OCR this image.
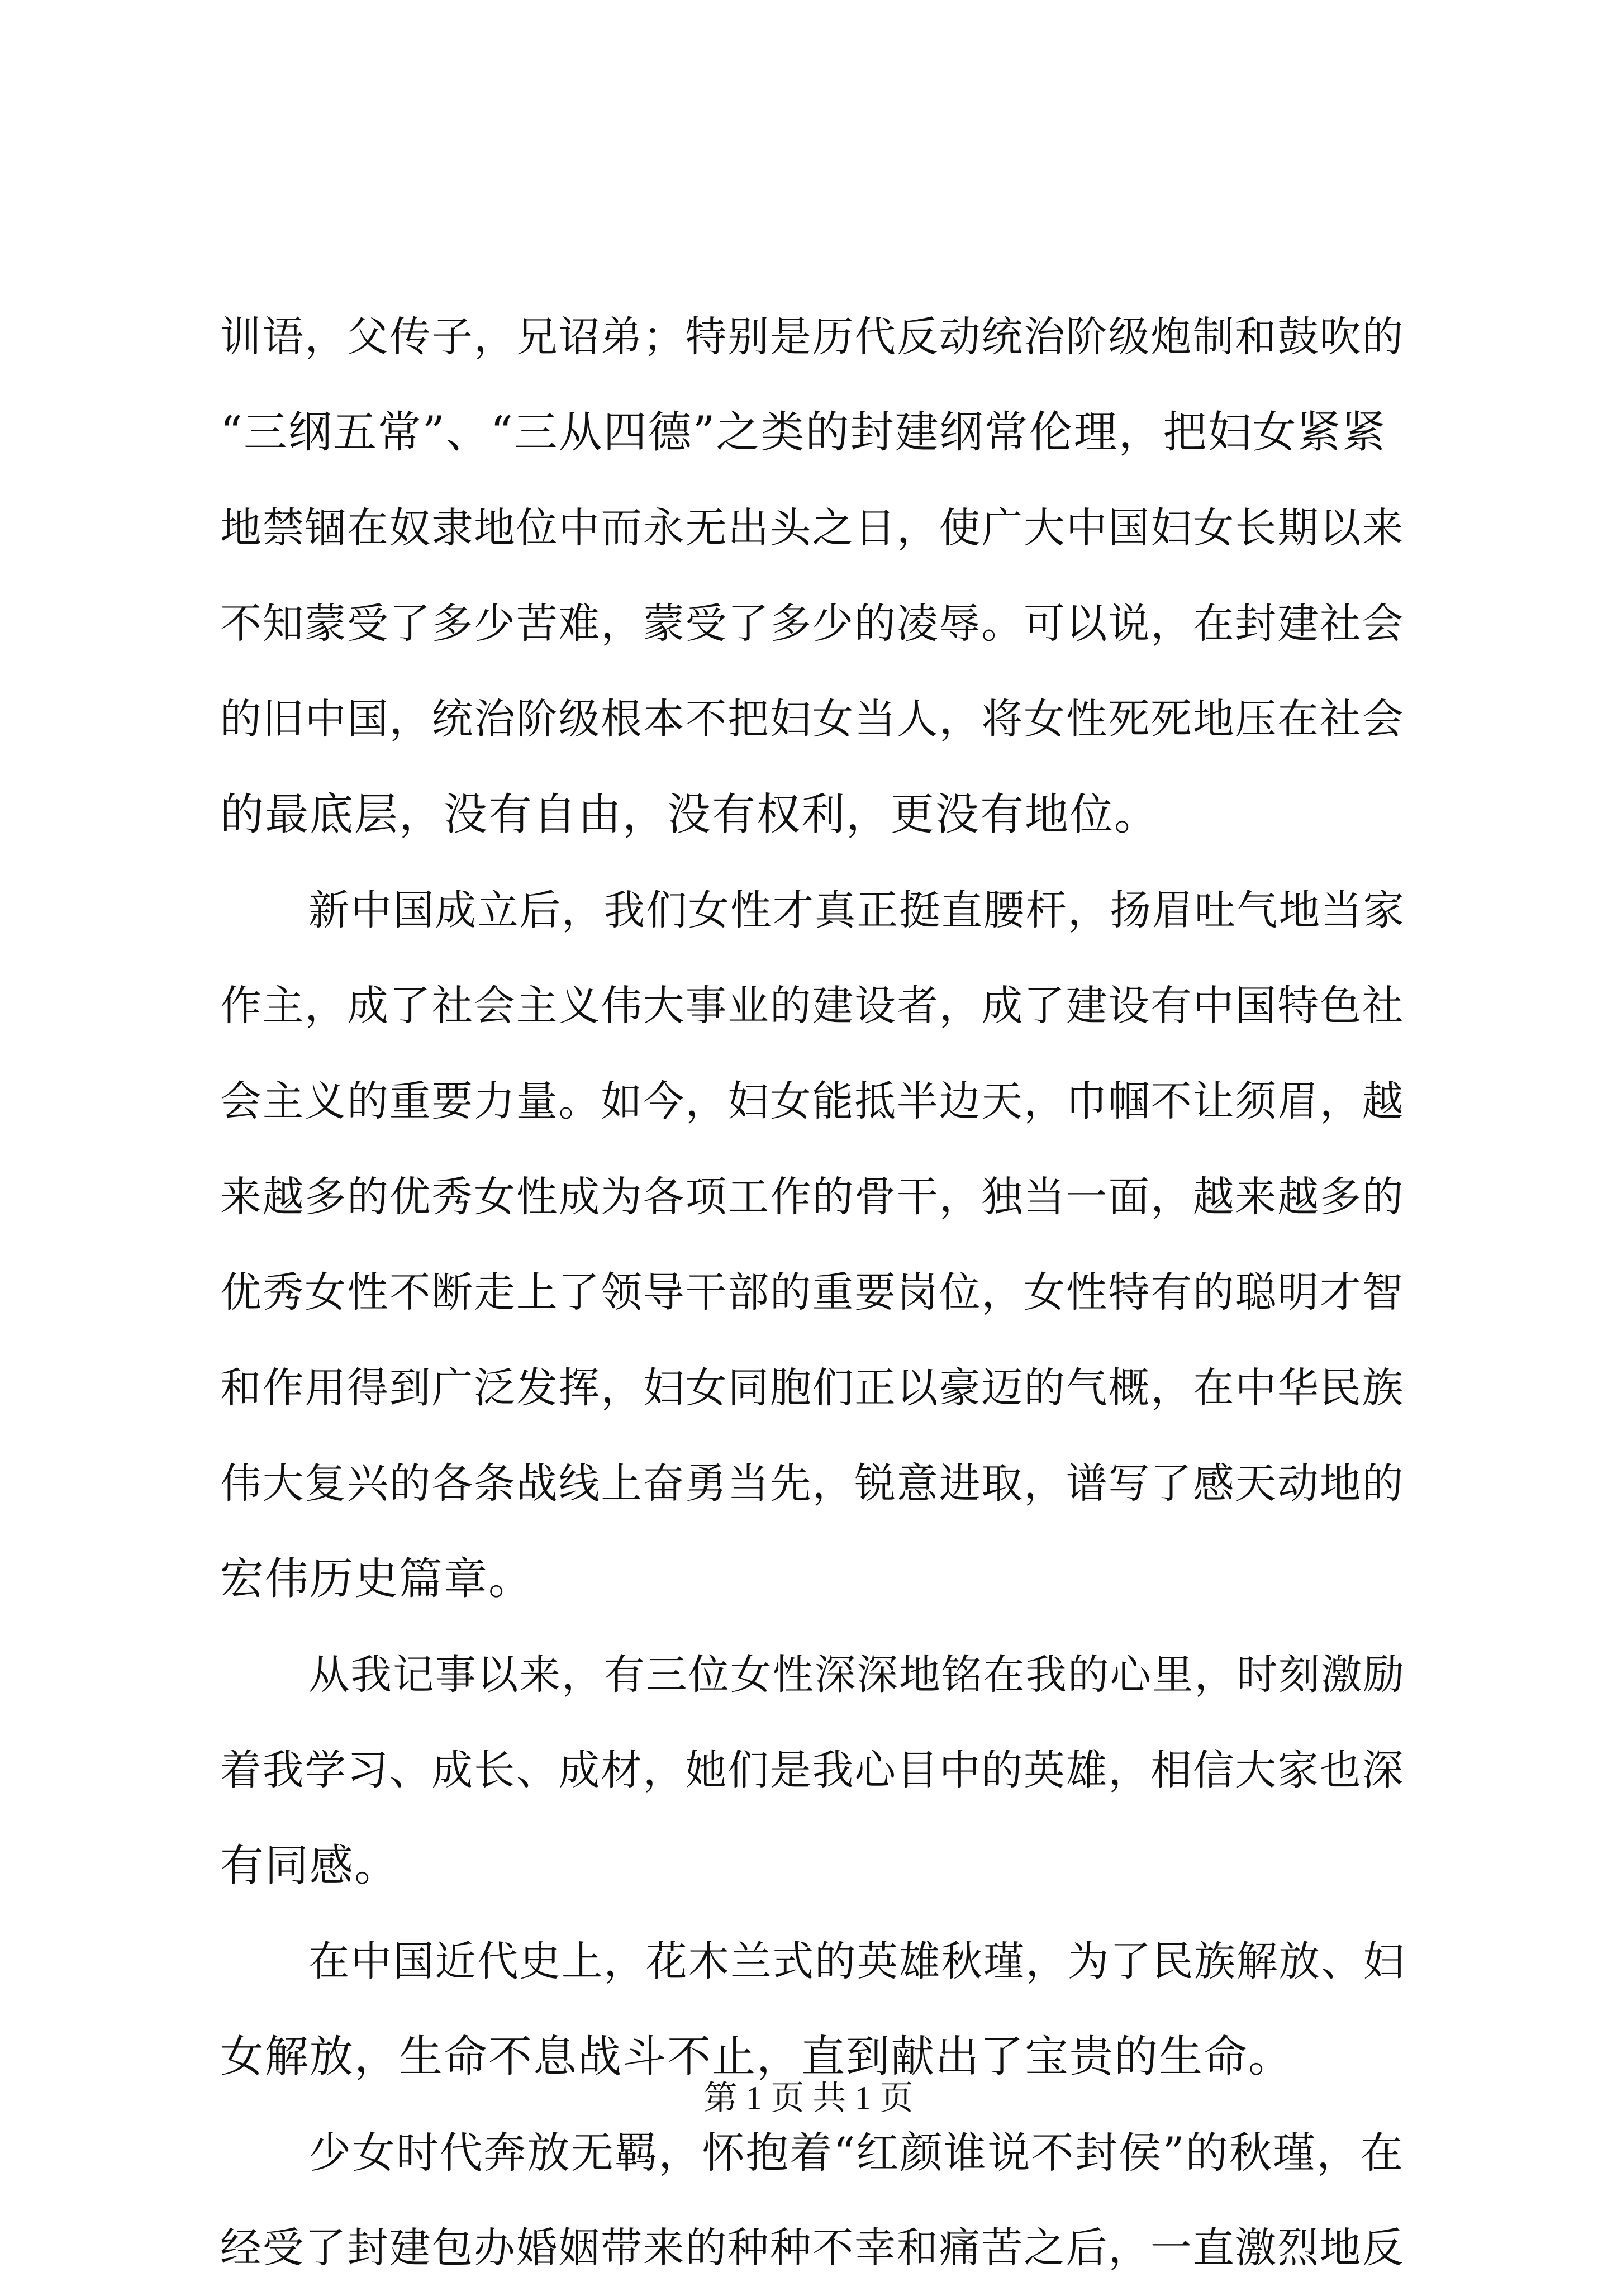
训语，父传子，兄诏弟；特别是历代反动统治阶级炮制和鼓吹的
“三纲五常”、“三从四德”之类的封建纲常伦理，把妇女紧紧
地禁锢在奴隶地位中而永无出头之日，使广大中国妇女长期以来
不知蒙受了多少苦难，蒙受了多少的凌辱。可以说，在封建社会
的旧中国，统治阶级根本不把妇女当人，将女性死死地压在社会
的最底层，没有自由，没有权利，更没有地位。
新中国成立后，我们女性才真正挺直腰杆，扬眉吐气地当家
作主，成了社会主义伟大事业的建设者，成了建设有中国特色社
会主义的重要力量。如今，妇女能抵半边天，巾帼不让须眉，越
来越多的优秀女性成为各项工作的骨干，独当一面，越来越多的
优秀女性不断走上了领导干部的重要岗位，女性特有的聪明才智
和作用得到广泛发挥，妇女同胞们正以豪迈的气概，在中华民族
伟大复兴的各条战线上奋勇当先，锐意进取，谱写了感天动地的
宏伟历史篇章。
从我记事以来，有三位女性深深地铭在我的心里，时刻激励
着我学习、成长、成材，她们是我心目中的英雄，相信大家也深
有同感。
在中国近代史上，花木兰式的英雄秋瑾，为了民族解放、妇
女解放，生命不息战斗不止，直到献出了宝贵的生命。
少女时代奔放无羁，怀抱着“红颜谁说不封侯”的秋瑾，在
经受了封建包办婚姻带来的种种不幸和痛苦之后，一直激烈地反
第 1 页 共 1 页
